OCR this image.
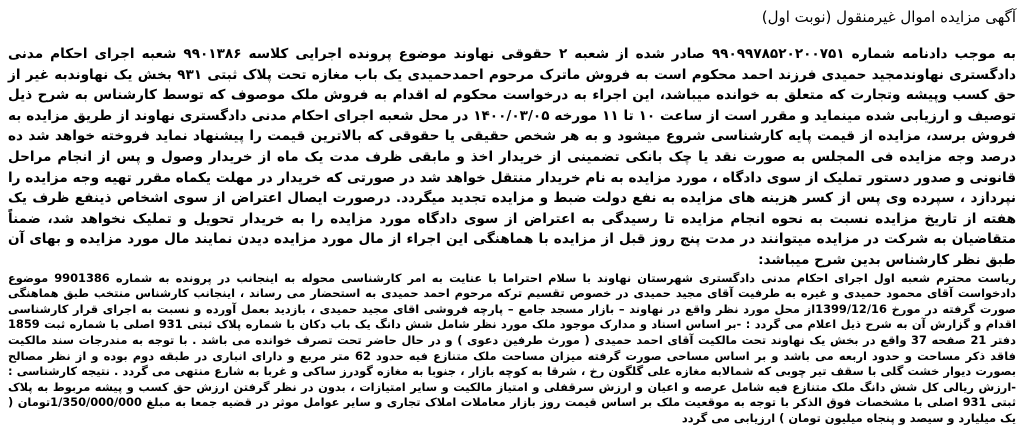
آگهی مزایده اموال غیرمنقول (نوبت اول)

به موجب دادنامه شماره ۹۹۰۹۹۷۸۵۲۰۲۰۰۷۵۱ صادر شده از شعبه ۲ حقوقی نهاوند موضوع پرونده اجرایی کلاسه ۹۹۰۱۳۸۶ شعبه اجرای احکام مدنی دادگستری نهاوندمجید حمیدی فرزند احمد محکوم است به فروش ماترک مرحوم احمدحمیدی یک باب مغازه تحت پلاک ثبتی ۹۳۱ بخش یک نهاوندبه غیر از حق کسب وپیشه وتجارت که متعلق به خوانده میباشد، این اجراء به درخواست محکوم له اقدام به فروش ملک موصوف که توسط کارشناس به شرح ذیل توصیف و ارزیابی شده مینماید و مقرر است از ساعت ۱۰ تا ۱۱ مورخه ۱۴۰۰/۰۳/۰۵ در محل شعبه اجرای احکام مدنی دادگستری نهاوند از طریق مزایده به فروش برسد، مزایده از قیمت پایه کارشناسی شروع میشود و به هر شخص حقیقی یا حقوقی که بالاترین قیمت را پیشنهاد نماید فروخته خواهد شد ده درصد وجه مزایده فی المجلس به صورت نقد یا چک بانکی تضمینی از خریدار اخذ و مابقی ظرف مدت یک ماه از خریدار وصول و پس از انجام مراحل قانونی و صدور دستور تملیک از سوی دادگاه ، مورد مزایده به نام خریدار منتقل خواهد شد در صورتی که خریدار در مهلت یکماه مقرر تهیه وجه مزایده را نپردازد ، سپرده وی پس از کسر هزینه های مزایده به نفع دولت ضبط و مزایده تجدید میگردد. درصورت ایصال اعتراض از سوی اشخاص ذینفع ظرف یک هفته از تاریخ مزایده نسبت به نحوه انجام مزایده تا رسیدگی به اعتراض از سوی دادگاه مورد مزایده را به خریدار تحویل و تملیک نخواهد شد، ضمناً متقاضیان به شرکت در مزایده میتوانند در مدت پنج روز قبل از مزایده با هماهنگی این اجراء از مال مورد مزایده دیدن نمایند مال مورد مزایده و بهای آن طبق نظر کارشناس بدین شرح میباشد:

ریاست محترم شعبه اول اجرای احکام مدنی دادگستری شهرستان نهاوند با سلام احتراما با عنایت به امر کارشناسی محوله به اینجانب در پرونده به شماره 9901386 موضوع دادخواست آقای محمود حمیدی و غیره به طرفیت آقای مجید حمیدی در خصوص تقسیم ترکه مرحوم احمد حمیدی به استحضار می رساند ، اینجانب کارشناس منتخب طبق هماهنگی صورت گرفته در مورخ 1399/12/16از محل مورد نظر واقع در نهاوند – بازار مسجد جامع – پارچه فروشی اقای مجید حمیدی ، بازدید بعمل آورده و نسبت به اجرای قرار کارشناسی اقدام و گزارش آن به شرح ذیل اعلام می گردد : -بر اساس اسناد و مدارک موجود ملک مورد نظر شامل شش دانگ یک باب دکان با شماره پلاک ثبتی 931 اصلی با شماره ثبت 1859 دفتر 21 صفحه 37 واقع در بخش یک نهاوند تحت مالکیت آقای احمد حمیدی ( مورث طرفین دعوی ) و در حال حاضر تحت تصرف خوانده می باشد . با توجه به مندرجات سند مالکیت فاقد ذکر مساحت و حدود اربعه می باشد و بر اساس مساحی صورت گرفته میزان مساحت ملک متنازع فیه حدود 62 متر مربع و دارای انباری در طبقه دوم بوده و از نظر مصالح بصورت دیوار خشت گلی با سقف تیر چوبی که شمالابه مغازه علی گلگون رخ ، شرقا به کوچه بازار ، جنوبا به مغازه گودرز ساکی و غربا به شارع منتهی می گردد . نتیجه کارشناسی : -ارزش ریالی کل شش دانگ ملک متنازع فیه شامل عرصه و اعیان و ارزش سرقفلی و امتیاز مالکیت و سایر امتیازات ، بدون در نظر گرفتن ارزش حق کسب و پیشه مربوط به پلاک ثبتی 931 اصلی با مشخصات فوق الذکر با توجه به موقعیت ملک بر اساس قیمت روز بازار معاملات املاک تجاری و سایر عوامل موثر در قضیه جمعا به مبلغ 1/350/000/000تومان ( یک میلیارد و سیصد و پنجاه میلیون تومان ) ارزیابی می گردد
